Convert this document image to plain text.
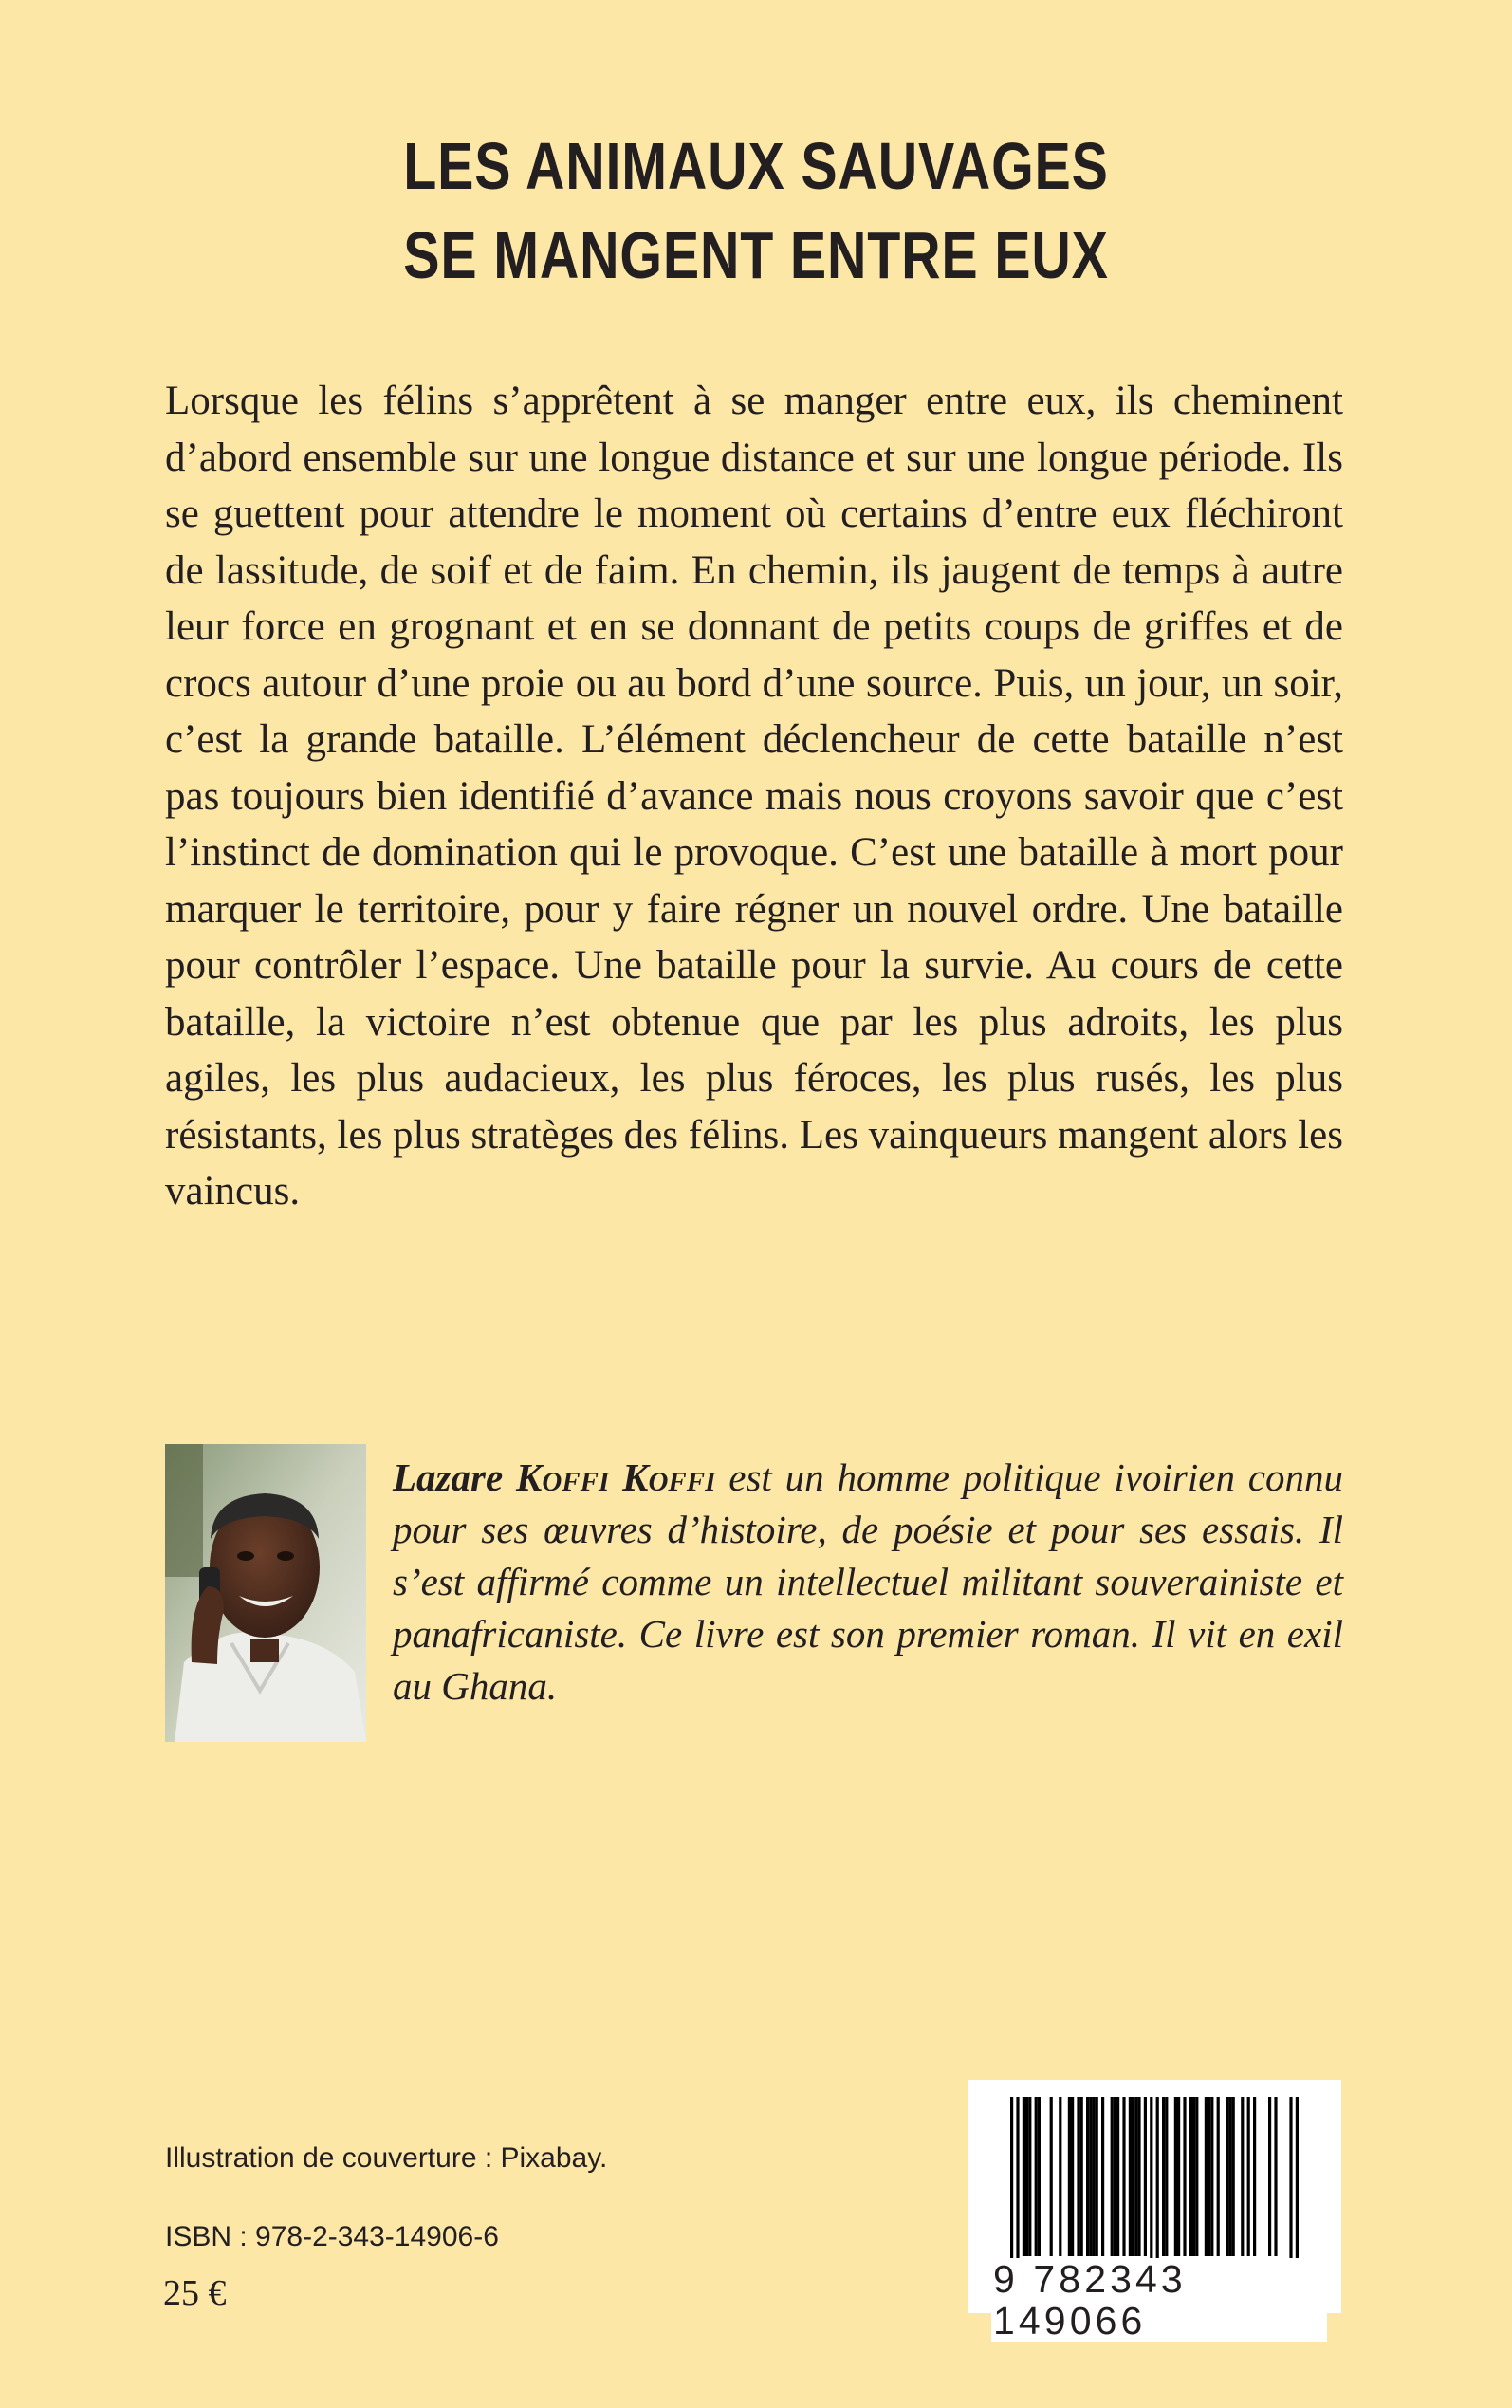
LES ANIMAUX SAUVAGES
SE MANGENT ENTRE EUX
Lorsque les félins s’apprêtent à se manger entre eux, ils cheminent d’abord ensemble sur une longue distance et sur une longue période. Ils se guettent pour attendre le moment où certains d’entre eux fléchiront de lassitude, de soif et de faim. En chemin, ils jaugent de temps à autre leur force en grognant et en se donnant de petits coups de griffes et de crocs autour d’une proie ou au bord d’une source. Puis, un jour, un soir, c’est la grande bataille. L’élément déclencheur de cette bataille n’est pas toujours bien identifié d’avance mais nous croyons savoir que c’est l’instinct de domination qui le provoque. C’est une bataille à mort pour marquer le territoire, pour y faire régner un nouvel ordre. Une bataille pour contrôler l’espace. Une bataille pour la survie. Au cours de cette bataille, la victoire n’est obtenue que par les plus adroits, les plus agiles, les plus audacieux, les plus féroces, les plus rusés, les plus résistants, les plus stratèges des félins. Les vainqueurs mangent alors les vaincus.
Lazare Koffi Koffi est un homme politique ivoirien connu pour ses œuvres d’histoire, de poésie et pour ses essais. Il s’est affirmé comme un intellectuel militant souverainiste et panafricaniste. Ce livre est son premier roman. Il vit en exil au Ghana.
Illustration de couverture : Pixabay.
ISBN : 978-2-343-14906-6
25 €	9 782343 149066
